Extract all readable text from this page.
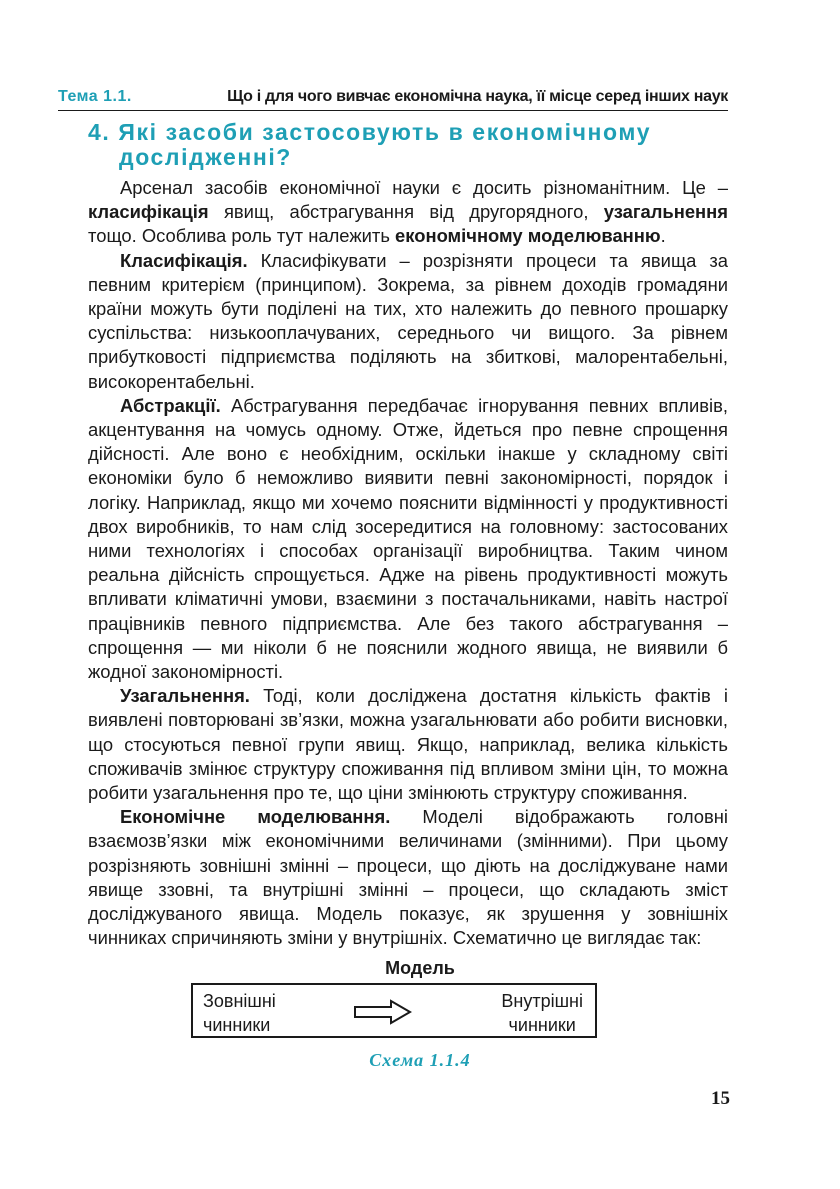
Тема 1.1.	Що і для чого вивчає економічна наука, її місце серед інших наук
4. Які засоби застосовують в економічному
дослідженні?

Арсенал засобів економічної науки є досить різноманітним. Це – класифікація явищ, абстрагування від другорядного, узагальнення тощо. Особлива роль тут належить економічному моделюванню.

Класифікація. Класифікувати – розрізняти процеси та явища за певним критерієм (принципом). Зокрема, за рівнем доходів громадяни країни можуть бути поділені на тих, хто належить до певного прошарку суспільства: низькооплачуваних, середнього чи вищого. За рівнем прибутковості підприємства поділяють на збиткові, малорентабельні, високорентабельні.

Абстракції. Абстрагування передбачає ігнорування певних впливів, акцентування на чомусь одному. Отже, йдеться про певне спрощення дійсності. Але воно є необхідним, оскільки інакше у складному світі економіки було б неможливо виявити певні закономірності, порядок і логіку. Наприклад, якщо ми хочемо пояснити відмінності у продуктивності двох виробників, то нам слід зосередитися на головному: застосованих ними технологіях і способах організації виробництва. Таким чином реальна дійсність спрощується. Адже на рівень продуктивності можуть впливати кліматичні умови, взаємини з постачальниками, навіть настрої працівників певного підприємства. Але без такого абстрагування – спрощення — ми ніколи б не пояснили жодного явища, не виявили б жодної закономірності.

Узагальнення. Тоді, коли досліджена достатня кількість фактів і виявлені повторювані зв’язки, можна узагальнювати або робити висновки, що стосуються певної групи явищ. Якщо, наприклад, велика кількість споживачів змінює структуру споживання під впливом зміни цін, то можна робити узагальнення про те, що ціни змінюють структуру споживання.

Економічне моделювання. Моделі відображають головні взаємозв’язки між економічними величинами (змінними). При цьому розрізняють зовнішні змінні – процеси, що діють на досліджуване нами явище ззовні, та внутрішні змінні – процеси, що складають зміст досліджуваного явища. Модель показує, як зрушення у зовнішніх чинниках спричиняють зміни у внутрішніх. Схематично це виглядає так:

Модель
Зовнішні
чинники
Внутрішні
чинники
Схема 1.1.4
15
